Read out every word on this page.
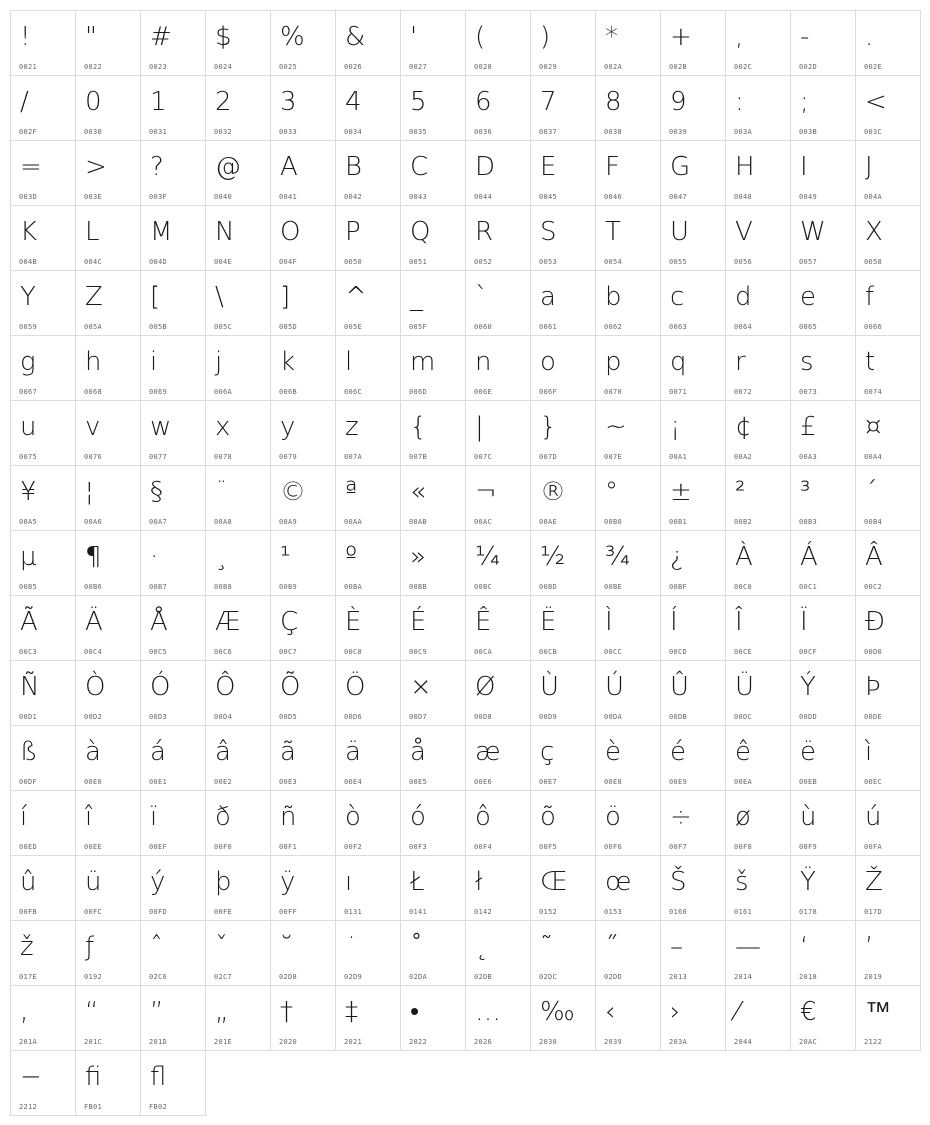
!
0021
"
0022
#
0023
$
0024
%
0025
&
0026
'
0027
(
0028
)
0029
*
002A
+
002B
,
002C
-
002D
.
002E
/
002F
0
0030
1
0031
2
0032
3
0033
4
0034
5
0035
6
0036
7
0037
8
0038
9
0039
:
003A
;
003B
<
003C
=
003D
>
003E
?
003F
@
0040
A
0041
B
0042
C
0043
D
0044
E
0045
F
0046
G
0047
H
0048
I
0049
J
004A
K
004B
L
004C
M
004D
N
004E
O
004F
P
0050
Q
0051
R
0052
S
0053
T
0054
U
0055
V
0056
W
0057
X
0058
Y
0059
Z
005A
[
005B
\
005C
]
005D
^
005E
_
005F
`
0060
a
0061
b
0062
c
0063
d
0064
e
0065
f
0066
g
0067
h
0068
i
0069
j
006A
k
006B
l
006C
m
006D
n
006E
o
006F
p
0070
q
0071
r
0072
s
0073
t
0074
u
0075
v
0076
w
0077
x
0078
y
0079
z
007A
{
007B
|
007C
}
007D
~
007E
¡
00A1
¢
00A2
£
00A3
¤
00A4
¥
00A5
¦
00A6
§
00A7
¨
00A8
©
00A9
ª
00AA
«
00AB
¬
00AC
®
00AE
°
00B0
±
00B1
²
00B2
³
00B3
´
00B4
µ
00B5
¶
00B6
·
00B7
¸
00B8
¹
00B9
º
00BA
»
00BB
¼
00BC
½
00BD
¾
00BE
¿
00BF
À
00C0
Á
00C1
Â
00C2
Ã
00C3
Ä
00C4
Å
00C5
Æ
00C6
Ç
00C7
È
00C8
É
00C9
Ê
00CA
Ë
00CB
Ì
00CC
Í
00CD
Î
00CE
Ï
00CF
Ð
00D0
Ñ
00D1
Ò
00D2
Ó
00D3
Ô
00D4
Õ
00D5
Ö
00D6
×
00D7
Ø
00D8
Ù
00D9
Ú
00DA
Û
00DB
Ü
00DC
Ý
00DD
Þ
00DE
ß
00DF
à
00E0
á
00E1
â
00E2
ã
00E3
ä
00E4
å
00E5
æ
00E6
ç
00E7
è
00E8
é
00E9
ê
00EA
ë
00EB
ì
00EC
í
00ED
î
00EE
ï
00EF
ð
00F0
ñ
00F1
ò
00F2
ó
00F3
ô
00F4
õ
00F5
ö
00F6
÷
00F7
ø
00F8
ù
00F9
ú
00FA
û
00FB
ü
00FC
ý
00FD
þ
00FE
ÿ
00FF
ı
0131
Ł
0141
ł
0142
Œ
0152
œ
0153
Š
0160
š
0161
Ÿ
0178
Ž
017D
ž
017E
ƒ
0192
ˆ
02C6
ˇ
02C7
˘
02D8
˙
02D9
˚
02DA
˛
02DB
˜
02DC
˝
02DD
–
2013
—
2014
‘
2018
’
2019
‚
201A
“
201C
”
201D
„
201E
†
2020
‡
2021
•
2022
…
2026
‰
2030
‹
2039
›
203A
⁄
2044
€
20AC
™
2122
−
2212
ﬁ
FB01
ﬂ
FB02
